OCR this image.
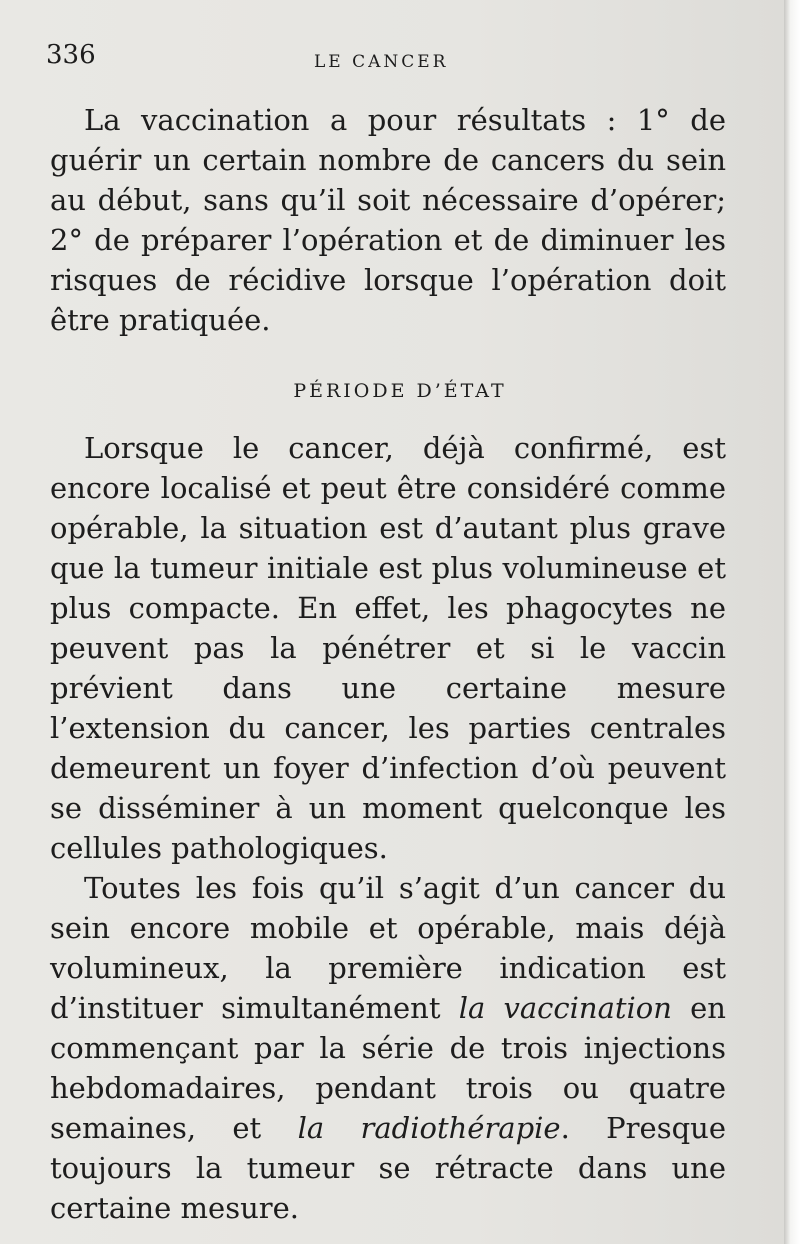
336	LE CANCER

La vaccination a pour résultats : 1° de guérir un certain nombre de cancers du sein au début, sans qu’il soit nécessaire d’opérer; 2° de préparer l’opération et de diminuer les risques de récidive lorsque l’opération doit être pratiquée.

PÉRIODE D’ÉTAT

Lorsque le cancer, déjà confirmé, est encore localisé et peut être considéré comme opérable, la situation est d’autant plus grave que la tumeur initiale est plus volumineuse et plus compacte. En effet, les phagocytes ne peuvent pas la pénétrer et si le vaccin prévient dans une certaine mesure l’extension du cancer, les parties centrales demeurent un foyer d’infection d’où peuvent se disséminer à un moment quelconque les cellules pathologiques.

Toutes les fois qu’il s’agit d’un cancer du sein encore mobile et opérable, mais déjà volumineux, la première indication est d’instituer simultanément la vaccination en commençant par la série de trois injections hebdomadaires, pendant trois ou quatre semaines, et la radiothérapie. Presque toujours la tumeur se rétracte dans une certaine mesure.
